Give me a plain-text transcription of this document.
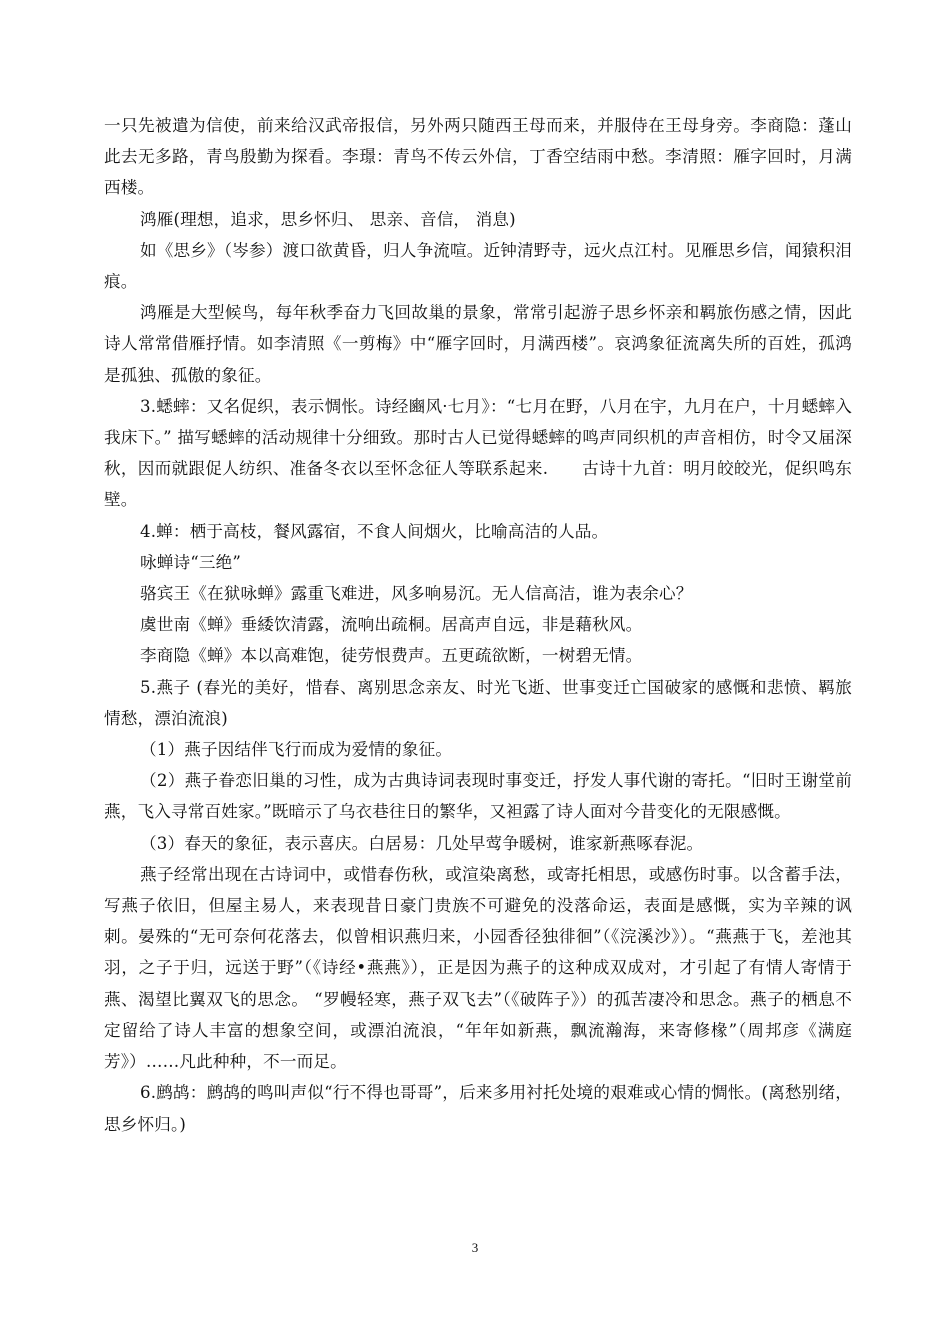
一只先被遣为信使，前来给汉武帝报信，另外两只随西王母而来，并服侍在王母身旁。李商隐：蓬山此去无多路，青鸟殷勤为探看。李璟：青鸟不传云外信，丁香空结雨中愁。李清照：雁字回时，月满西楼。

鸿雁(理想，追求，思乡怀归、 思亲、音信， 消息)

如《思乡》（岑参）渡口欲黄昏，归人争流喧。近钟清野寺，远火点江村。见雁思乡信，闻猿积泪痕。

鸿雁是大型候鸟，每年秋季奋力飞回故巢的景象，常常引起游子思乡怀亲和羁旅伤感之情，因此诗人常常借雁抒情。如李清照《一剪梅》中“雁字回时，月满西楼”。哀鸿象征流离失所的百姓，孤鸿是孤独、孤傲的象征。

3.蟋蟀：又名促织，表示惆怅。诗经豳风·七月》：“七月在野，八月在宇，九月在户，十月蟋蟀入我床下。” 描写蟋蟀的活动规律十分细致。那时古人已觉得蟋蟀的鸣声同织机的声音相仿，时令又届深秋，因而就跟促人纺织、准备冬衣以至怀念征人等联系起来.　　古诗十九首：明月皎皎光，促织鸣东壁。

4.蝉：栖于高枝，餐风露宿，不食人间烟火，比喻高洁的人品。

咏蝉诗“三绝”

骆宾王《在狱咏蝉》露重飞难进，风多响易沉。无人信高洁，谁为表余心？

虞世南《蝉》垂緌饮清露，流响出疏桐。居高声自远，非是藉秋风。

李商隐《蝉》本以高难饱，徒劳恨费声。五更疏欲断，一树碧无情。

5.燕子 (春光的美好，惜春、离别思念亲友、时光飞逝、世事变迁亡国破家的感慨和悲愤、羁旅情愁，漂泊流浪)

（1）燕子因结伴飞行而成为爱情的象征。

（2）燕子眷恋旧巢的习性，成为古典诗词表现时事变迁，抒发人事代谢的寄托。“旧时王谢堂前燕，飞入寻常百姓家。”既暗示了乌衣巷往日的繁华，又袒露了诗人面对今昔变化的无限感慨。

（3）春天的象征，表示喜庆。白居易：几处早莺争暖树，谁家新燕啄春泥。

燕子经常出现在古诗词中，或惜春伤秋，或渲染离愁，或寄托相思，或感伤时事。以含蓄手法，写燕子依旧，但屋主易人，来表现昔日豪门贵族不可避免的没落命运，表面是感慨，实为辛辣的讽刺。晏殊的“无可奈何花落去，似曾相识燕归来，小园香径独徘徊”（《浣溪沙》）。“燕燕于飞，差池其羽，之子于归，远送于野”（《诗经•燕燕》），正是因为燕子的这种成双成对，才引起了有情人寄情于燕、渴望比翼双飞的思念。 “罗幔轻寒，燕子双飞去”（《破阵子》）的孤苦凄冷和思念。燕子的栖息不定留给了诗人丰富的想象空间，或漂泊流浪，“年年如新燕，飘流瀚海，来寄修椽”（周邦彦《满庭芳》）……凡此种种，不一而足。

6.鹧鸪：鹧鸪的鸣叫声似“行不得也哥哥”，后来多用衬托处境的艰难或心情的惆怅。(离愁别绪，思乡怀归。)

3
